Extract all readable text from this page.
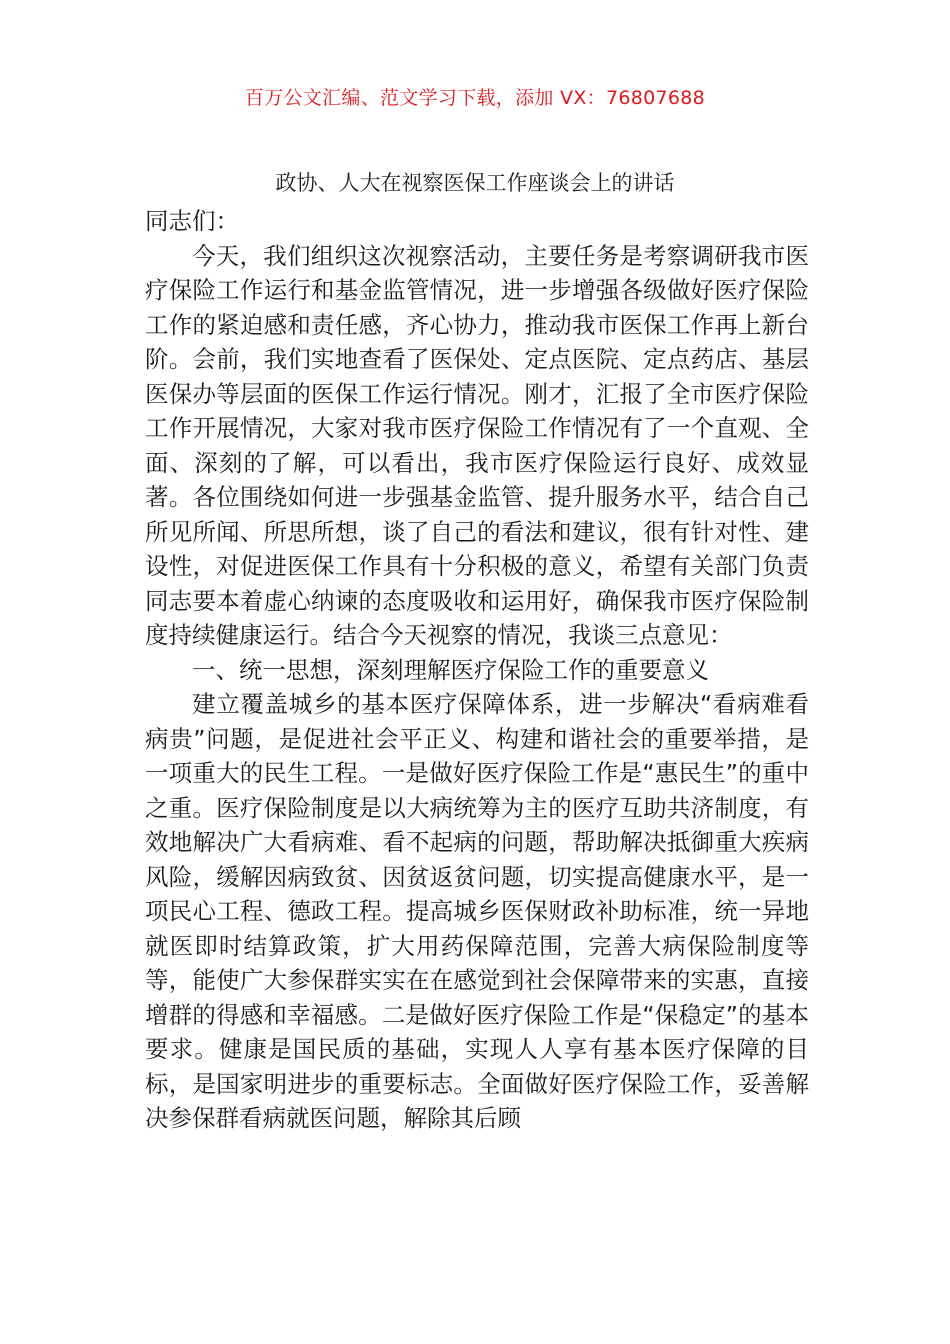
百万公文汇编、范文学习下载，添加 VX：76807688
政协、人大在视察医保工作座谈会上的讲话

同志们：

今天，我们组织这次视察活动，主要任务是考察调研我市医疗保险工作运行和基金监管情况，进一步增强各级做好医疗保险工作的紧迫感和责任感，齐心协力，推动我市医保工作再上新台阶。会前，我们实地查看了医保处、定点医院、定点药店、基层医保办等层面的医保工作运行情况。刚才，汇报了全市医疗保险工作开展情况，大家对我市医疗保险工作情况有了一个直观、全面、深刻的了解，可以看出，我市医疗保险运行良好、成效显著。各位围绕如何进一步强基金监管、提升服务水平，结合自己所见所闻、所思所想，谈了自己的看法和建议，很有针对性、建设性，对促进医保工作具有十分积极的意义，希望有关部门负责同志要本着虚心纳谏的态度吸收和运用好，确保我市医疗保险制度持续健康运行。结合今天视察的情况，我谈三点意见：

一、统一思想，深刻理解医疗保险工作的重要意义

建立覆盖城乡的基本医疗保障体系，进一步解决“看病难看病贵”问题，是促进社会平正义、构建和谐社会的重要举措，是一项重大的民生工程。一是做好医疗保险工作是“惠民生”的重中之重。医疗保险制度是以大病统筹为主的医疗互助共济制度，有效地解决广大看病难、看不起病的问题，帮助解决抵御重大疾病风险，缓解因病致贫、因贫返贫问题，切实提高健康水平，是一项民心工程、德政工程。提高城乡医保财政补助标准，统一异地就医即时结算政策，扩大用药保障范围，完善大病保险制度等等，能使广大参保群实实在在感觉到社会保障带来的实惠，直接增群的得感和幸福感。二是做好医疗保险工作是“保稳定”的基本要求。健康是国民质的基础，实现人人享有基本医疗保障的目标，是国家明进步的重要标志。全面做好医疗保险工作，妥善解决参保群看病就医问题，解除其后顾
